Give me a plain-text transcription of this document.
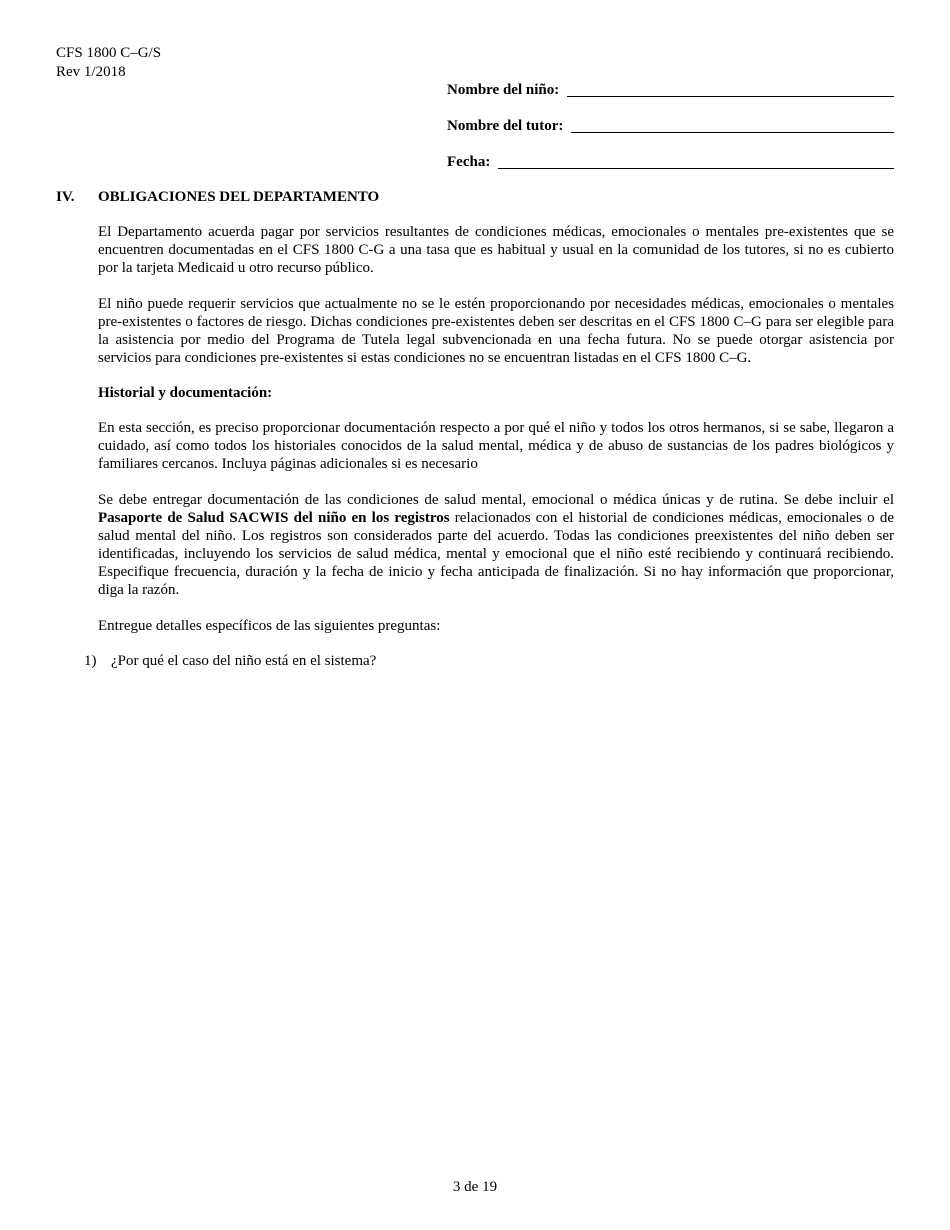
CFS 1800 C–G/S
Rev 1/2018
Nombre del niño:
Nombre del tutor:
Fecha:
IV. OBLIGACIONES DEL DEPARTAMENTO
El Departamento acuerda pagar por servicios resultantes de condiciones médicas, emocionales o mentales pre-existentes que se encuentren documentadas en el CFS 1800 C-G a una tasa que es habitual y usual en la comunidad de los tutores, si no es cubierto por la tarjeta Medicaid u otro recurso público.
El niño puede requerir servicios que actualmente no se le estén proporcionando por necesidades médicas, emocionales o mentales pre-existentes o factores de riesgo. Dichas condiciones pre-existentes deben ser descritas en el CFS 1800 C–G para ser elegible para la asistencia por medio del Programa de Tutela legal subvencionada en una fecha futura. No se puede otorgar asistencia por servicios para condiciones pre-existentes si estas condiciones no se encuentran listadas en el CFS 1800 C–G.
Historial y documentación:
En esta sección, es preciso proporcionar documentación respecto a por qué el niño y todos los otros hermanos, si se sabe, llegaron a cuidado, así como todos los historiales conocidos de la salud mental, médica y de abuso de sustancias de los padres biológicos y familiares cercanos. Incluya páginas adicionales si es necesario
Se debe entregar documentación de las condiciones de salud mental, emocional o médica únicas y de rutina. Se debe incluir el Pasaporte de Salud SACWIS del niño en los registros relacionados con el historial de condiciones médicas, emocionales o de salud mental del niño. Los registros son considerados parte del acuerdo. Todas las condiciones preexistentes del niño deben ser identificadas, incluyendo los servicios de salud médica, mental y emocional que el niño esté recibiendo y continuará recibiendo. Especifique frecuencia, duración y la fecha de inicio y fecha anticipada de finalización. Si no hay información que proporcionar, diga la razón.
Entregue detalles específicos de las siguientes preguntas:
1) ¿Por qué el caso del niño está en el sistema?
3 de 19
